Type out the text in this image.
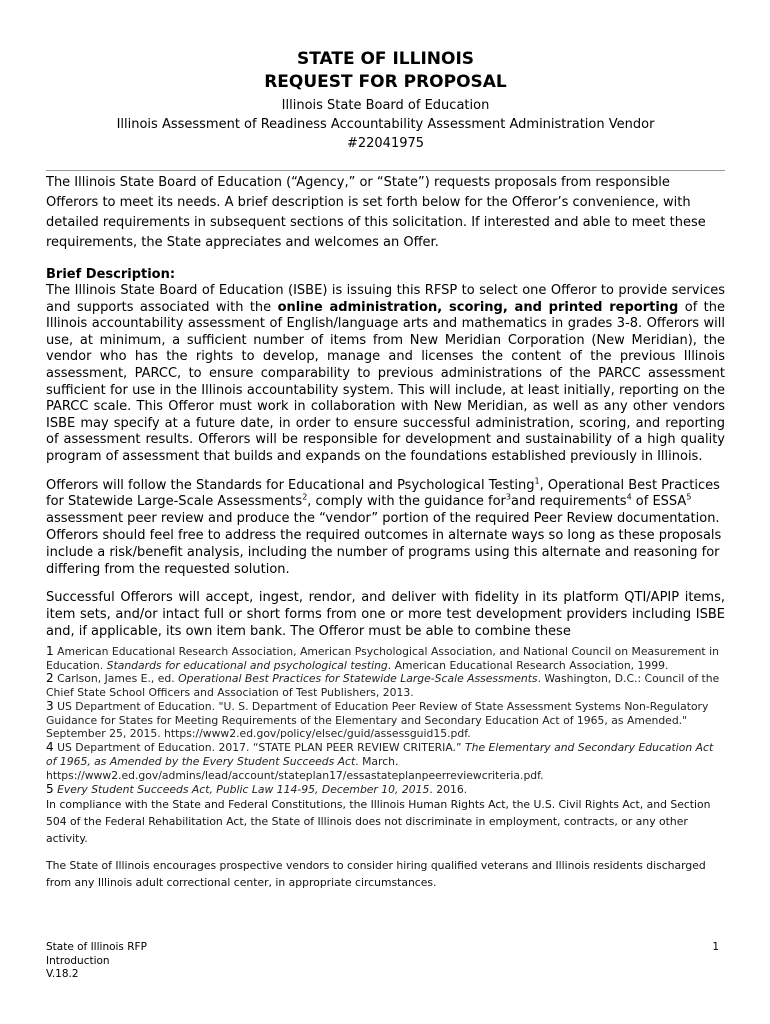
STATE OF ILLINOIS
REQUEST FOR PROPOSAL
Illinois State Board of Education
Illinois Assessment of Readiness Accountability Assessment Administration Vendor
#22041975

The Illinois State Board of Education (“Agency,” or “State”) requests proposals from responsible Offerors to meet its needs. A brief description is set forth below for the Offeror’s convenience, with detailed requirements in subsequent sections of this solicitation. If interested and able to meet these requirements, the State appreciates and welcomes an Offer.

Brief Description:

The Illinois State Board of Education (ISBE) is issuing this RFSP to select one Offeror to provide services and supports associated with the online administration, scoring, and printed reporting of the Illinois accountability assessment of English/language arts and mathematics in grades 3-8. Offerors will use, at minimum, a sufficient number of items from New Meridian Corporation (New Meridian), the vendor who has the rights to develop, manage and licenses the content of the previous Illinois assessment, PARCC, to ensure comparability to previous administrations of the PARCC assessment sufficient for use in the Illinois accountability system. This will include, at least initially, reporting on the PARCC scale. This Offeror must work in collaboration with New Meridian, as well as any other vendors ISBE may specify at a future date, in order to ensure successful administration, scoring, and reporting of assessment results. Offerors will be responsible for development and sustainability of a high quality program of assessment that builds and expands on the foundations established previously in Illinois.

Offerors will follow the Standards for Educational and Psychological Testing$^1$, Operational Best Practices for Statewide Large-Scale Assessments$^2$, comply with the guidance for$^3$and requirements$^4$ of ESSA$^5$ assessment peer review and produce the “vendor” portion of the required Peer Review documentation. Offerors should feel free to address the required outcomes in alternate ways so long as these proposals include a risk/benefit analysis, including the number of programs using this alternate and reasoning for differing from the requested solution.

Successful Offerors will accept, ingest, rendor, and deliver with fidelity in its platform QTI/APIP items, item sets, and/or intact full or short forms from one or more test development providers including ISBE and, if applicable, its own item bank. The Offeror must be able to combine these

1 American Educational Research Association, American Psychological Association, and National Council on Measurement in Education. Standards for educational and psychological testing. American Educational Research Association, 1999.

2 Carlson, James E., ed. Operational Best Practices for Statewide Large-Scale Assessments. Washington, D.C.: Council of the Chief State School Officers and Association of Test Publishers, 2013.

3 US Department of Education. "U. S. Department of Education Peer Review of State Assessment Systems Non-Regulatory Guidance for States for Meeting Requirements of the Elementary and Secondary Education Act of 1965, as Amended." September 25, 2015. https://www2.ed.gov/policy/elsec/guid/assessguid15.pdf.

4 US Department of Education. 2017. “STATE PLAN PEER REVIEW CRITERIA.” The Elementary and Secondary Education Act of 1965, as Amended by the Every Student Succeeds Act. March. https://www2.ed.gov/admins/lead/account/stateplan17/essastateplanpeerreviewcriteria.pdf.

5 Every Student Succeeds Act, Public Law 114-95, December 10, 2015. 2016.

In compliance with the State and Federal Constitutions, the Illinois Human Rights Act, the U.S. Civil Rights Act, and Section 504 of the Federal Rehabilitation Act, the State of Illinois does not discriminate in employment, contracts, or any other activity.

The State of Illinois encourages prospective vendors to consider hiring qualified veterans and Illinois residents discharged from any Illinois adult correctional center, in appropriate circumstances.

State of Illinois RFP
Introduction
V.18.2
1
